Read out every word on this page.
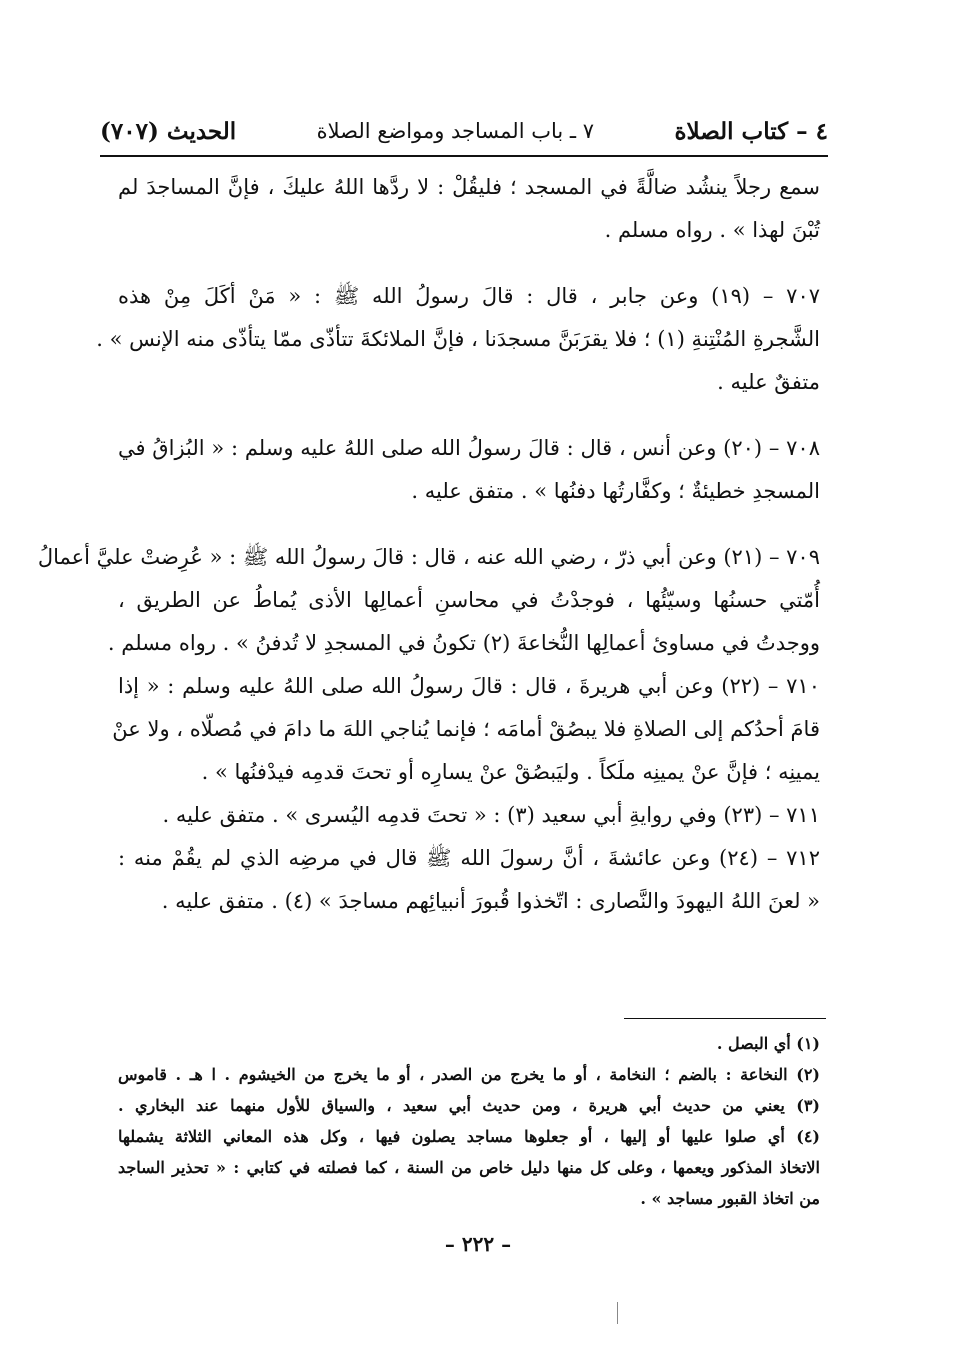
٤ – كتاب الصلاة
٧ ـ باب المساجد ومواضع الصلاة
الحديث (٧٠٧)
سمع رجلاً ينشُد ضالَّةً في المسجد ؛ فليقُلْ : لا ردَّها اللهُ عليكَ ، فإنَّ المساجدَ لم
تُبْنَ لهذا » . رواه مسلم .
٧٠٧ – (١٩) وعن جابر ، قال : قالَ رسولُ الله ﷺ : « مَنْ أكَلَ مِنْ هذه
الشَّجرةِ المُنْتِنةِ (١) ؛ فلا يقرَبَنَّ مسجدَنا ، فإنَّ الملائكةَ تتأذّى ممّا يتأذّى منه الإنس » .
متفقٌ عليه .
٧٠٨ – (٢٠) وعن أنس ، قال : قالَ رسولُ الله صلى اللهُ عليه وسلم : « البُزاقُ في
المسجدِ خطيئةٌ ؛ وكفَّارتُها دفنُها » . متفق عليه .
٧٠٩ – (٢١) وعن أبي ذرّ ، رضي الله عنه ، قال : قالَ رسولُ الله ﷺ : « عُرِضتْ عليَّ أعمالُ
أُمّتي حسنُها وسيّئُها ، فوجدْتُ في محاسنِ أعمالِها الأذى يُماطُ عن الطريق ،
ووجدتُ في مساوئ أعمالِها النُّخاعةَ (٢) تكونُ في المسجدِ لا تُدفنُ » . رواه مسلم .
٧١٠ – (٢٢) وعن أبي هريرةَ ، قال : قالَ رسولُ الله صلى اللهُ عليه وسلم : « إذا
قامَ أحدُكم إلى الصلاةِ فلا يبصُقْ أمامَه ؛ فإنما يُناجي اللهَ ما دامَ في مُصلّاه ، ولا عنْ
يمينِه ؛ فإنَّ عنْ يمينِه ملَكاً . وليَبصُقْ عنْ يسارِه أو تحتَ قدمِه فيدْفنُها » .
٧١١ – (٢٣) وفي روايةِ أبي سعيد (٣) : « تحتَ قدمِه اليُسرى » . متفق عليه .
٧١٢ – (٢٤) وعن عائشةَ ، أنَّ رسولَ الله ﷺ قال في مرضِه الذي لم يقُمْ منه :
« لعنَ اللهُ اليهودَ والنَّصارى : اتّخذوا قُبورَ أنبيائِهم مساجدَ » (٤) . متفق عليه .
(١) أي البصل .
(٢) النخاعة : بالضم ؛ النخامة ، أو ما يخرج من الصدر ، أو ما يخرج من الخيشوم . ا هـ . قاموس
(٣) يعني من حديث أبي هريرة ، ومن حديث أبي سعيد ، والسياق للأول منهما عند البخاري .
(٤) أي صلوا عليها أو إليها ، أو جعلوها مساجد يصلون فيها ، وكل هذه المعاني الثلاثة يشملها
الاتخاذ المذكور ويعمها ، وعلى كل منها دليل خاص من السنة ، كما فصلته في كتابي : « تحذير الساجد
من اتخاذ القبور مساجد » .
– ٢٢٢ –
